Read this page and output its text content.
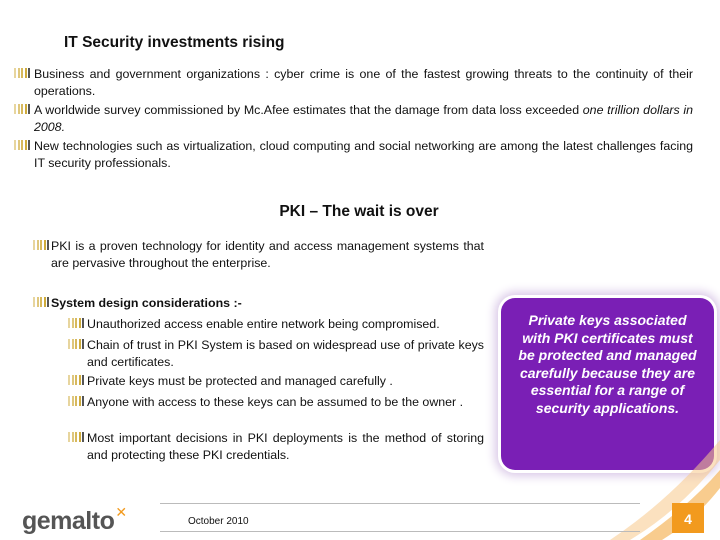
IT Security investments rising
Business and government organizations : cyber crime is one of the fastest growing threats to the continuity of their operations.
A worldwide survey commissioned by Mc.Afee estimates that the damage from data loss exceeded one trillion dollars in 2008.
New technologies such as virtualization, cloud computing and social networking are among the latest challenges facing IT security professionals.
PKI – The wait is over
PKI is a proven technology for identity and access management systems that are pervasive throughout the enterprise.
System design considerations :-
Unauthorized access enable entire network being compromised.
Chain of trust in PKI System is based on widespread use of private keys and certificates.
Private keys must be protected and managed carefully .
Anyone with access to these keys can be assumed to be the owner .
Most important decisions in PKI deployments is the method of storing and protecting these PKI credentials.
Private keys associated with PKI certificates must be protected and managed carefully because they are essential for a range of security applications.
gemalto✕
October 2010	4
